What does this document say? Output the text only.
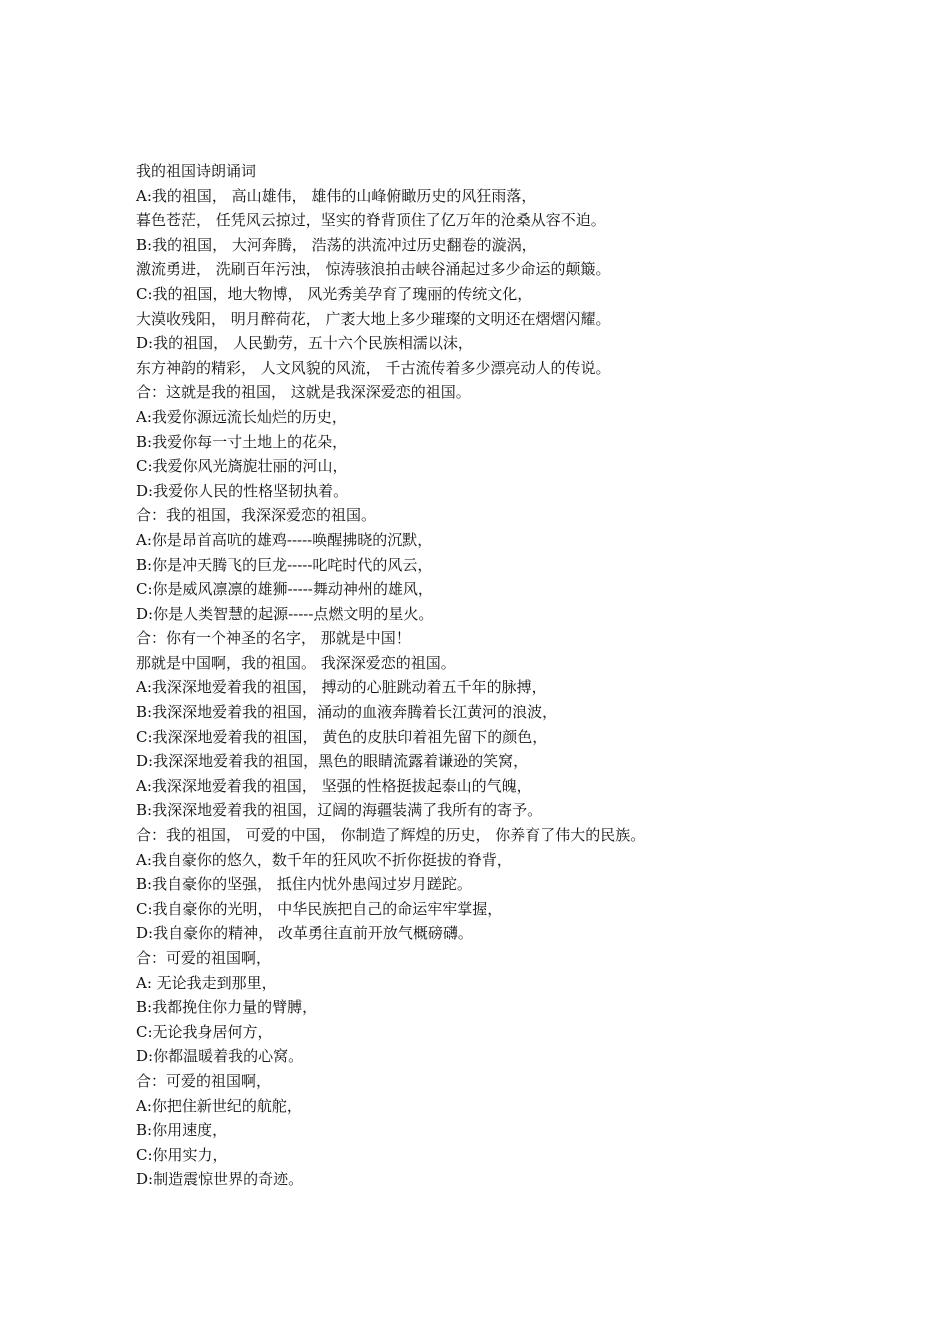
我的祖国诗朗诵词
A:我的祖国， 高山雄伟， 雄伟的山峰俯瞰历史的风狂雨落，
暮色苍茫， 任凭风云掠过，坚实的脊背顶住了亿万年的沧桑从容不迫。
B:我的祖国， 大河奔腾， 浩荡的洪流冲过历史翻卷的漩涡，
激流勇进， 洗刷百年污浊， 惊涛骇浪拍击峡谷涌起过多少命运的颠簸。
C:我的祖国，地大物博， 风光秀美孕育了瑰丽的传统文化，
大漠收残阳， 明月醉荷花， 广袤大地上多少璀璨的文明还在熠熠闪耀。
D:我的祖国， 人民勤劳，五十六个民族相濡以沫，
东方神韵的精彩， 人文风貌的风流， 千古流传着多少漂亮动人的传说。
合：这就是我的祖国， 这就是我深深爱恋的祖国。
A:我爱你源远流长灿烂的历史，
B:我爱你每一寸土地上的花朵，
C:我爱你风光旖旎壮丽的河山，
D:我爱你人民的性格坚韧执着。
合：我的祖国，我深深爱恋的祖国。
A:你是昂首高吭的雄鸡-----唤醒拂晓的沉默，
B:你是冲天腾飞的巨龙-----叱咤时代的风云，
C:你是威风凛凛的雄狮-----舞动神州的雄风，
D:你是人类智慧的起源-----点燃文明的星火。
合：你有一个神圣的名字， 那就是中国！
那就是中国啊，我的祖国。 我深深爱恋的祖国。
A:我深深地爱着我的祖国， 搏动的心脏跳动着五千年的脉搏，
B:我深深地爱着我的祖国，涌动的血液奔腾着长江黄河的浪波，
C:我深深地爱着我的祖国， 黄色的皮肤印着祖先留下的颜色，
D:我深深地爱着我的祖国，黑色的眼睛流露着谦逊的笑窝，
A:我深深地爱着我的祖国， 坚强的性格挺拔起泰山的气魄，
B:我深深地爱着我的祖国，辽阔的海疆装满了我所有的寄予。
合：我的祖国， 可爱的中国， 你制造了辉煌的历史， 你养育了伟大的民族。
A:我自豪你的悠久，数千年的狂风吹不折你挺拔的脊背，
B:我自豪你的坚强， 抵住内忧外患闯过岁月蹉跎。
C:我自豪你的光明， 中华民族把自己的命运牢牢掌握，
D:我自豪你的精神， 改革勇往直前开放气概磅礴。
合：可爱的祖国啊，
A: 无论我走到那里，
B:我都挽住你力量的臂膊，
C:无论我身居何方，
D:你都温暖着我的心窝。
合：可爱的祖国啊，
A:你把住新世纪的航舵，
B:你用速度，
C:你用实力，
D:制造震惊世界的奇迹。
